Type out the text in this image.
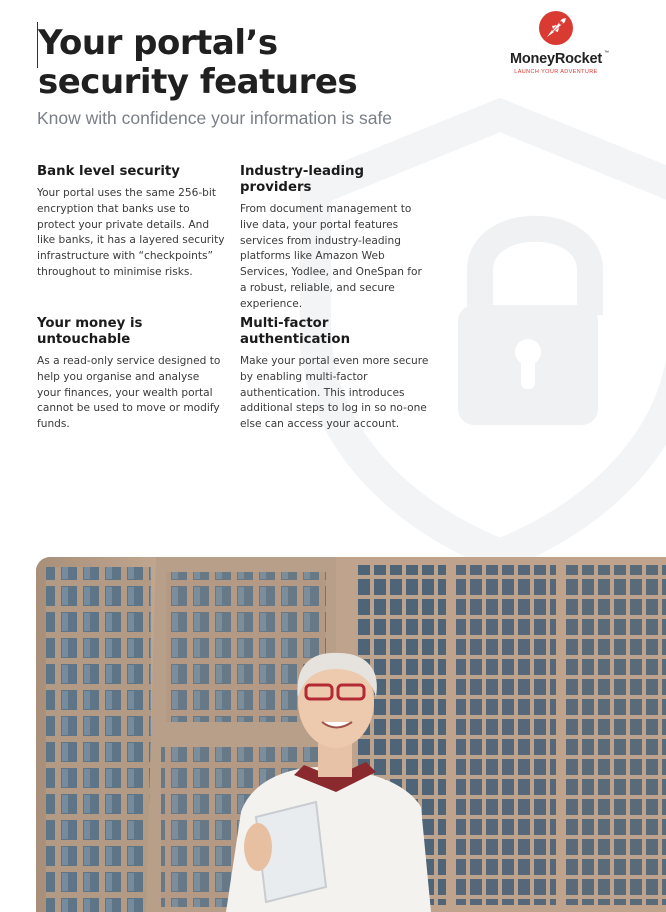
Your portal’s
security features
Know with confidence your information is safe
MoneyRocket ™
LAUNCH YOUR ADVENTURE
Bank level security

Your portal uses the same 256-bit encryption that banks use to protect your private details. And like banks, it has a layered security infrastructure with “checkpoints” throughout to minimise risks.

Industry-leading providers

From document management to live data, your portal features services from industry-leading platforms like Amazon Web Services, Yodlee, and OneSpan for a robust, reliable, and secure experience.

Your money is untouchable

As a read-only service designed to help you organise and analyse your finances, your wealth portal cannot be used to move or modify funds.

Multi-factor authentication

Make your portal even more secure by enabling multi-factor authentication. This introduces additional steps to log in so no-one else can access your account.
